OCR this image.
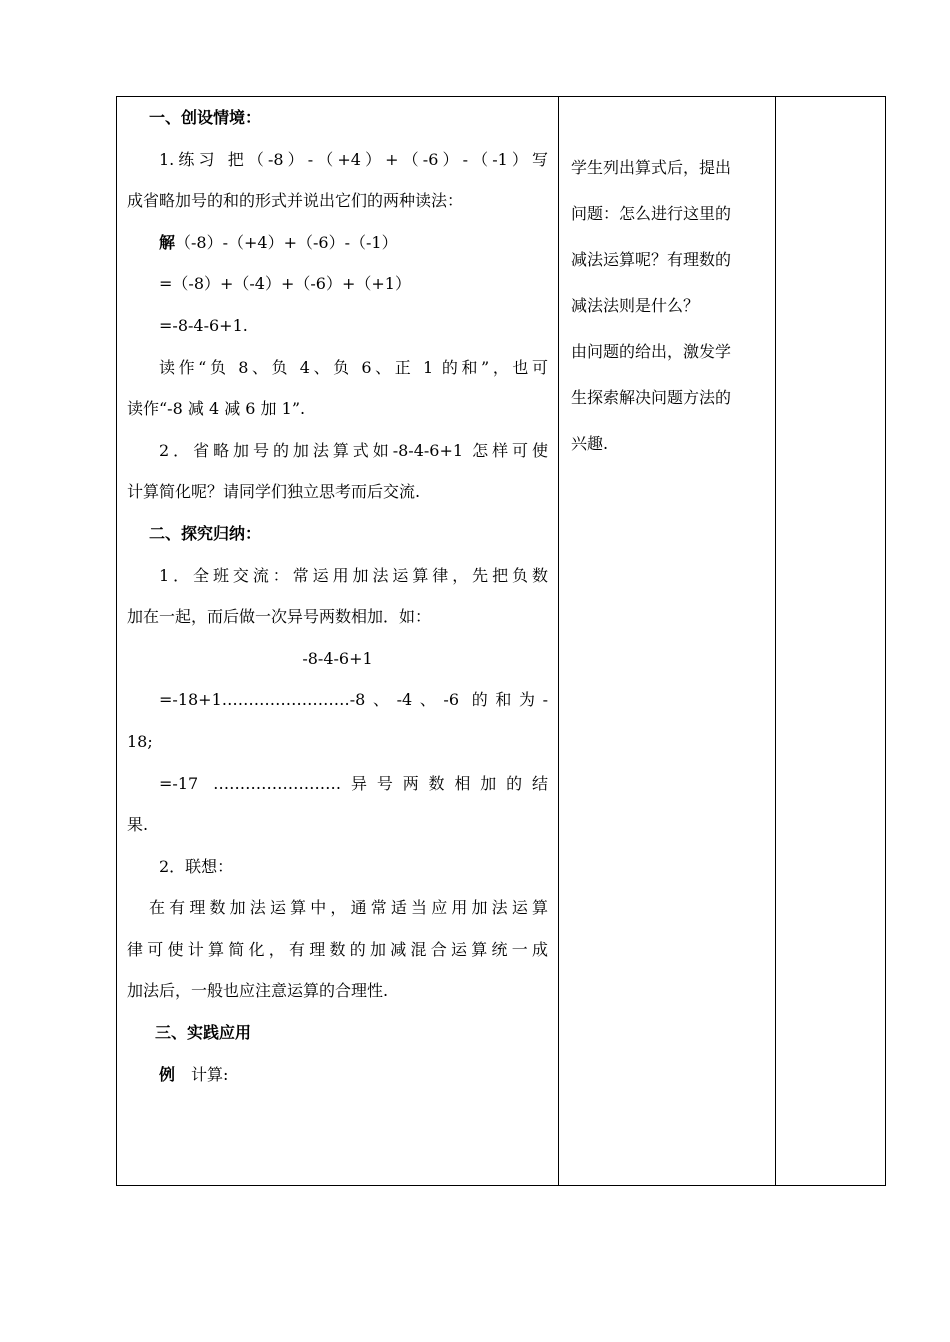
一、创设情境：
1.练习 把（-8）-（+4）+（-6）-（-1）写
成省略加号的和的形式并说出它们的两种读法：
解（-8）-（+4）+（-6）-（-1）
=（-8）+（-4）+（-6）+（+1）
=-8-4-6+1.
读作“负 8、负 4、负 6、正 1 的和”，也可
读作“-8 减 4 减 6 加 1”.
2．省略加号的加法算式如-8-4-6+1 怎样可使
计算简化呢？请同学们独立思考而后交流.
二、探究归纳：
1．全班交流：常运用加法运算律，先把负数
加在一起，而后做一次异号两数相加．如：
-8-4-6+1
=-18+1……………………-8、-4、-6 的和为-
18;
=-17 ……………………异号两数相加的结
果.
2．联想：
在有理数加法运算中，通常适当应用加法运算
律可使计算简化，有理数的加减混合运算统一成
加法后，一般也应注意运算的合理性.
三、实践应用
例  计算:

学生列出算式后，提出
问题：怎么进行这里的
减法运算呢？有理数的
减法法则是什么？
由问题的给出，激发学
生探索解决问题方法的
兴趣.
